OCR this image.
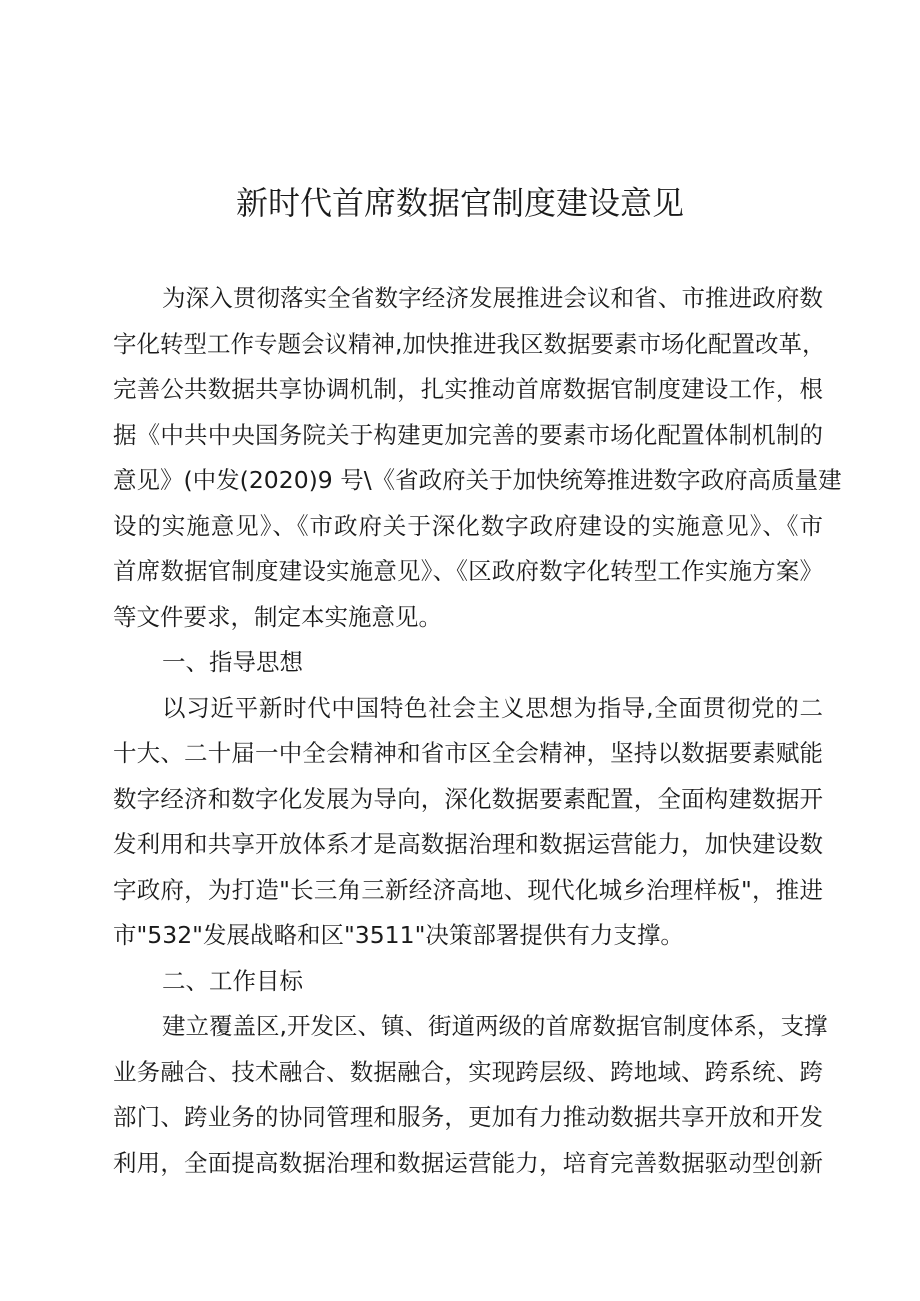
新时代首席数据官制度建设意见

为深入贯彻落实全省数字经济发展推进会议和省、市推进政府数

字化转型工作专题会议精神,加快推进我区数据要素市场化配置改革，

完善公共数据共享协调机制，扎实推动首席数据官制度建设工作，根

据《中共中央国务院关于构建更加完善的要素市场化配置体制机制的

意见》(中发(2020)9 号\《省政府关于加快统筹推进数字政府高质量建

设的实施意见》、《市政府关于深化数字政府建设的实施意见》、《市

首席数据官制度建设实施意见》、《区政府数字化转型工作实施方案》

等文件要求，制定本实施意见。

一、指导思想

以习近平新时代中国特色社会主义思想为指导,全面贯彻党的二

十大、二十届一中全会精神和省市区全会精神，坚持以数据要素赋能

数字经济和数字化发展为导向，深化数据要素配置，全面构建数据开

发利用和共享开放体系才是高数据治理和数据运营能力，加快建设数

字政府，为打造"长三角三新经济高地、现代化城乡治理样板"，推进

市"532"发展战略和区"3511"决策部署提供有力支撑。

二、工作目标

建立覆盖区,开发区、镇、街道两级的首席数据官制度体系，支撑

业务融合、技术融合、数据融合，实现跨层级、跨地域、跨系统、跨

部门、跨业务的协同管理和服务，更加有力推动数据共享开放和开发

利用，全面提高数据治理和数据运营能力，培育完善数据驱动型创新
